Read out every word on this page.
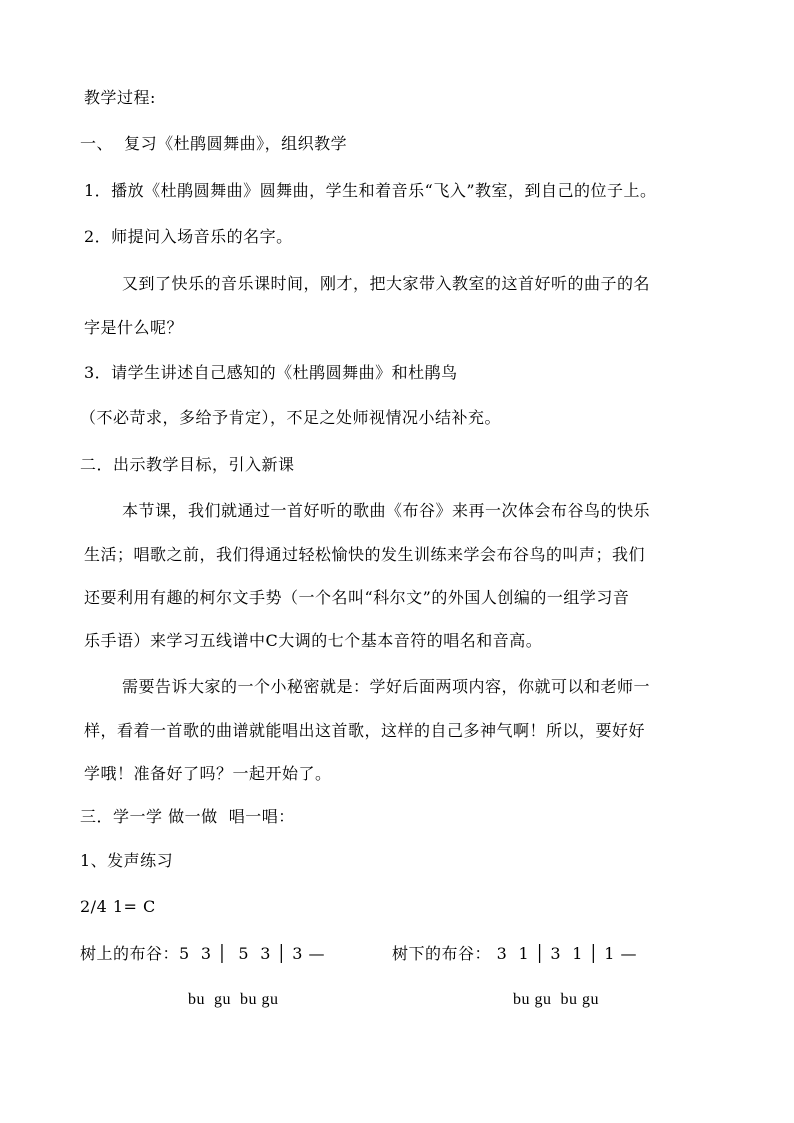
教学过程:
一、  复习《杜鹃圆舞曲》，组织教学
1．播放《杜鹃圆舞曲》圆舞曲，学生和着音乐“飞入”教室，到自己的位子上。
2．师提问入场音乐的名字。
又到了快乐的音乐课时间，刚才，把大家带入教室的这首好听的曲子的名
字是什么呢？
3．请学生讲述自己感知的《杜鹃圆舞曲》和杜鹃鸟
（不必苛求，多给予肯定），不足之处师视情况小结补充。
二．出示教学目标，引入新课
本节课，我们就通过一首好听的歌曲《布谷》来再一次体会布谷鸟的快乐
生活；唱歌之前，我们得通过轻松愉快的发生训练来学会布谷鸟的叫声；我们
还要利用有趣的柯尔文手势（一个名叫“科尔文”的外国人创编的一组学习音
乐手语）来学习五线谱中C大调的七个基本音符的唱名和音高。
需要告诉大家的一个小秘密就是：学好后面两项内容，你就可以和老师一
样，看着一首歌的曲谱就能唱出这首歌，这样的自己多神气啊！所以，要好好
学哦！准备好了吗？一起开始了。
三．学一学 做一做  唱一唱：
1、发声练习
2/4 1= C
树上的布谷：5  3 │  5  3 │ 3 —	树下的布谷： 3  1 │ 3  1 │ 1 —
bu  gu  bu gu	bu gu  bu gu
